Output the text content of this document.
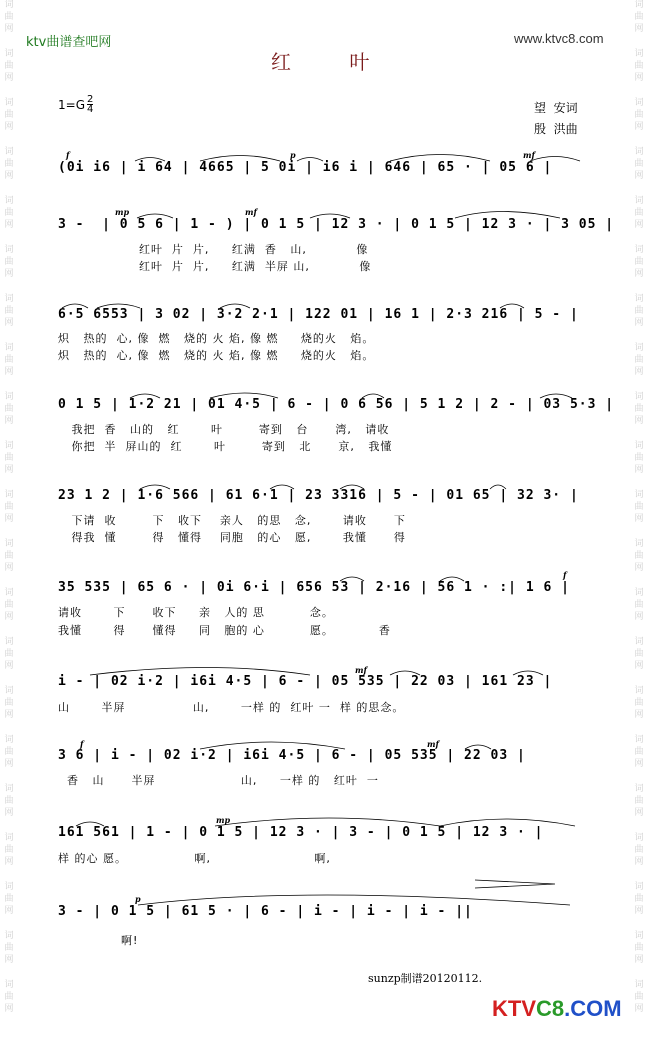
词
曲
网
词
曲
网
词
曲
网
词
曲
网
词
曲
网
词
曲
网
词
曲
网
词
曲
网
词
曲
网
词
曲
网
词
曲
网
词
曲
网
词
曲
网
词
曲
网
词
曲
网
词
曲
网
词
曲
网
词
曲
网
词
曲
网
词
曲
网
词
曲
网
词
曲
网
词
曲
网
词
曲
网
词
曲
网
词
曲
网
词
曲
网
词
曲
网
词
曲
网
词
曲
网
词
曲
网
词
曲
网
词
曲
网
词
曲
网
词
曲
网
词
曲
网
词
曲
网
词
曲
网
词
曲
网
词
曲
网
词
曲
网
词
曲
网
ktv曲谱查吧网	www.ktvc8.com
红 叶
$1=G \frac{2}{4}$	望  安词
殷  洪曲
(0i i6 | i 64 | 4665 | 5 0i | i6 i | 646 | 65 · | 05 6 |
3 -  | 0 5 6 | 1 - ) | 0 1 5 | 12 3 · | 0 1 5 | 12 3 · | 3 05 |
红叶  片  片,     红满  香   山,           像
红叶  片  片,     红满  半屏 山,           像
6·5 6553 | 3 02 | 3·2 2·1 | 122 01 | 16 1 | 2·3 216 | 5 - |
炽   热的  心, 像  燃   烧的 火 焰, 像 燃     烧的火   焰。
炽   热的  心, 像  燃   烧的 火 焰, 像 燃     烧的火   焰。
0 1 5 | 1·2 21 | 01 4·5 | 6 - | 0 6 56 | 5 1 2 | 2 - | 03 5·3 |
我把  香   山的   红       叶        寄到   台      湾,   请收
你把  半  屏山的  红       叶        寄到   北      京,   我懂
23 1 2 | 1·6 566 | 61 6·1 | 23 3316 | 5 - | 01 65 | 32 3· |
下请  收        下   收下    亲人   的思   念,       请收      下
得我  懂        得   懂得    同胞   的心   愿,       我懂      得
35 535 | 65 6 · | 0i 6·i | 656 53 | 2·16 | 56 1 · :| 1 6 |
请收       下      收下     亲   人的 思          念。
我懂       得      懂得     同   胞的 心          愿。          香
i - | 02 i·2 | i6i 4·5 | 6 - | 05 535 | 22 03 | 161 23 |
山       半屏               山,       一样 的  红叶 一  样 的思念。
3 6 | i - | 02 i·2 | i6i 4·5 | 6 - | 05 535 | 22 03 |
香   山      半屏                   山,     一样 的   红叶  一
161 561 | 1 - | 0 1 5 | 12 3 · | 3 - | 0 1 5 | 12 3 · |
样 的心 愿。               啊,                       啊,
3 - | 0 1 5 | 61 5 · | 6 - | i - | i - | i - ||
啊!
f	p	mf
mp	mf
mf
f
f	mf
mp
p
sunzp制谱20120112.
KTVC8.COM
